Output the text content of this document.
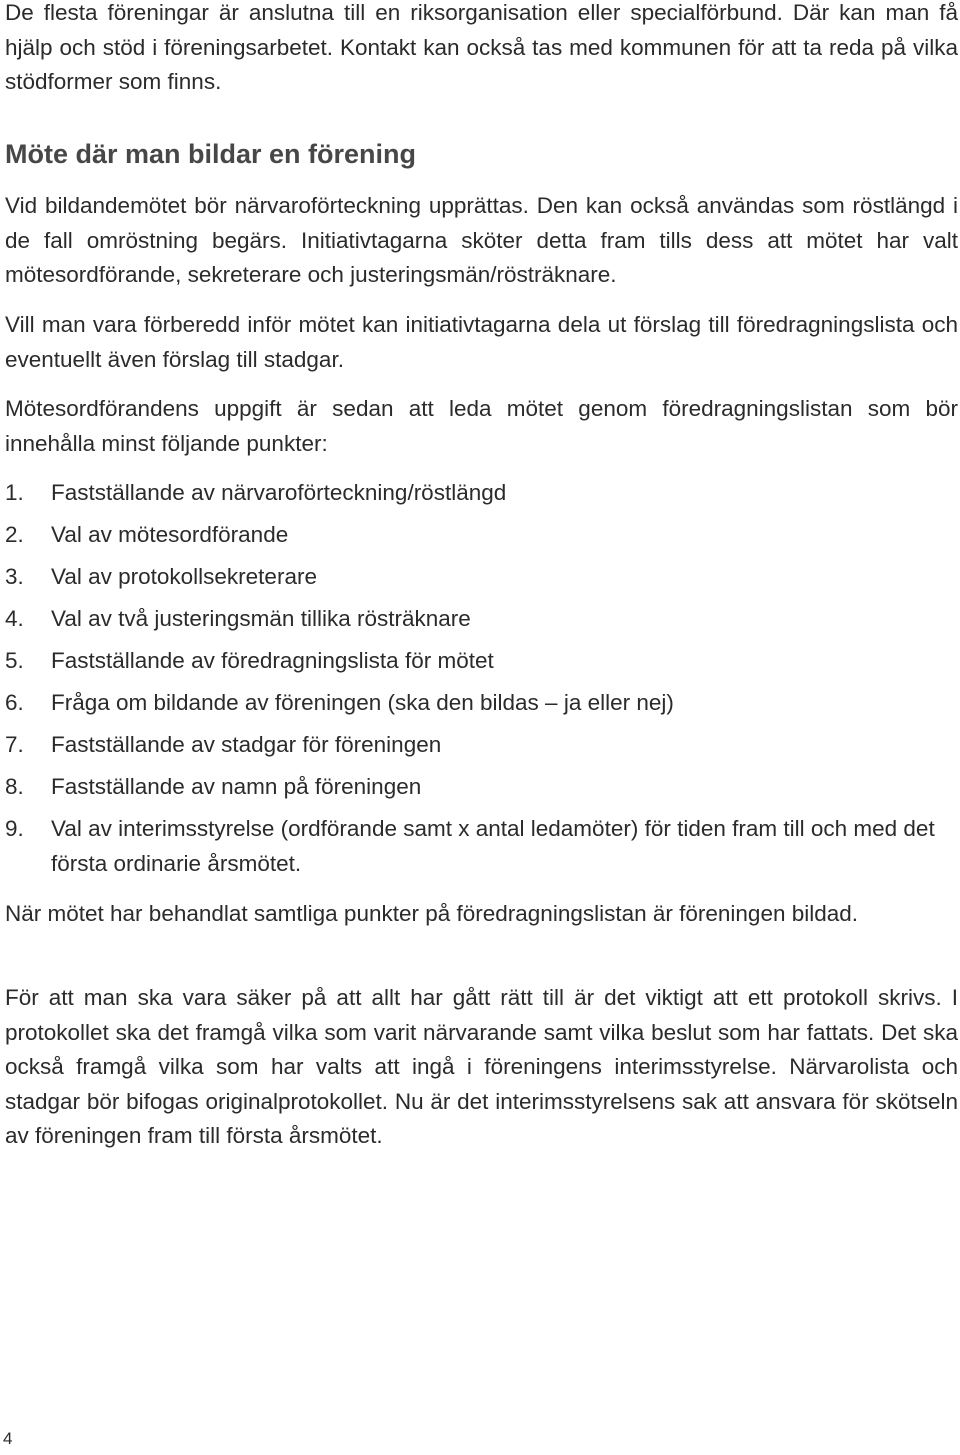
De flesta föreningar är anslutna till en riksorganisation eller specialförbund. Där kan man få hjälp och stöd i föreningsarbetet. Kontakt kan också tas med kommunen för att ta reda på vilka stödformer som finns.

Möte där man bildar en förening

Vid bildandemötet bör närvaroförteckning upprättas. Den kan också användas som röstlängd i de fall omröstning begärs. Initiativtagarna sköter detta fram tills dess att mötet har valt mötesordförande, sekreterare och justeringsmän/rösträknare.

Vill man vara förberedd inför mötet kan initiativtagarna dela ut förslag till föredragningslista och eventuellt även förslag till stadgar.

Mötesordförandens uppgift är sedan att leda mötet genom föredragningslistan som bör innehålla minst följande punkter:

1.	Fastställande av närvaroförteckning/röstlängd
2.	Val av mötesordförande
3.	Val av protokollsekreterare
4.	Val av två justeringsmän tillika rösträknare
5.	Fastställande av föredragningslista för mötet
6.	Fråga om bildande av föreningen (ska den bildas – ja eller nej)
7.	Fastställande av stadgar för föreningen
8.	Fastställande av namn på föreningen
9.	Val av interimsstyrelse (ordförande samt x antal ledamöter) för tiden fram till och med det första ordinarie årsmötet.

När mötet har behandlat samtliga punkter på föredragningslistan är föreningen bildad.

För att man ska vara säker på att allt har gått rätt till är det viktigt att ett protokoll skrivs. I protokollet ska det framgå vilka som varit närvarande samt vilka beslut som har fattats. Det ska också framgå vilka som har valts att ingå i föreningens interimsstyrelse. Närvarolista och stadgar bör bifogas originalprotokollet. Nu är det interimsstyrelsens sak att ansvara för skötseln av föreningen fram till första årsmötet.

4
